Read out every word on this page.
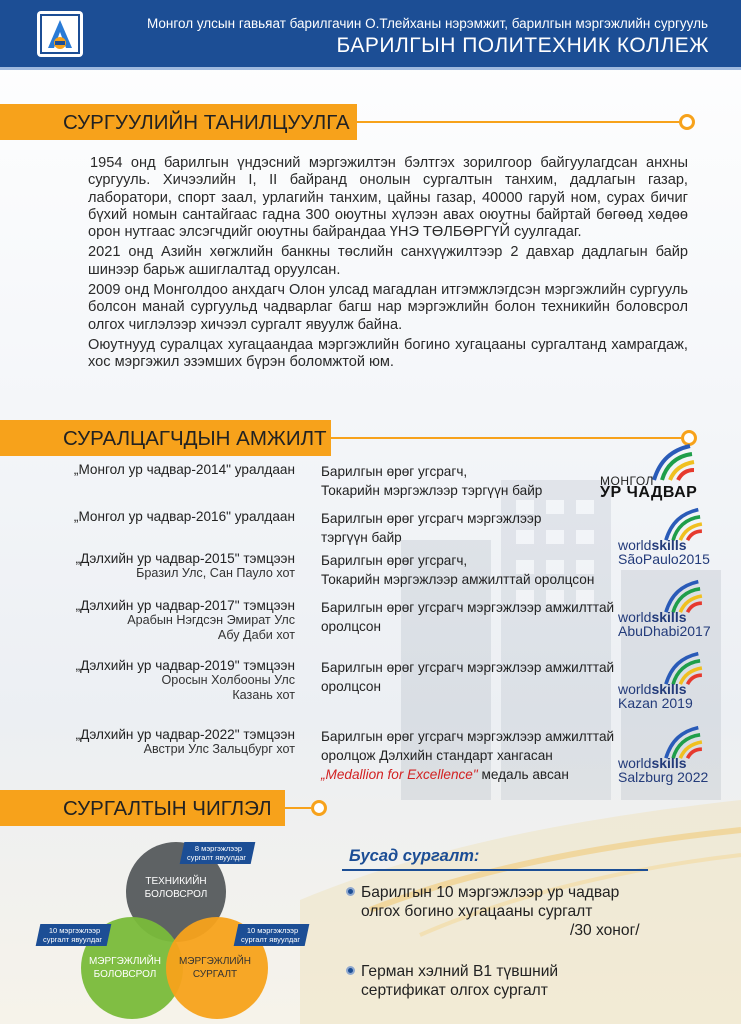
Монгол улсын гавьяат барилгачин О.Тлейханы нэрэмжит, барилгын мэргэжлийн сургууль
БАРИЛГЫН ПОЛИТЕХНИК КОЛЛЕЖ
СУРГУУЛИЙН ТАНИЛЦУУЛГА

1954 онд барилгын үндэсний мэргэжилтэн бэлтгэх зорилгоор байгуулагдсан анхны сургууль. Хичээлийн I, II байранд онолын сургалтын танхим, дадлагын газар, лаборатори, спорт заал, урлагийн танхим, цайны газар, 40000 гаруй ном, сурах бичиг бүхий номын сантайгаас гадна 300 оюутны хүлээн авах оюутны байртай бөгөөд хөдөө орон нутгаас элсэгчдийг оюутны байрандаа ҮНЭ ТӨЛБӨРГҮЙ суулгадаг.

2021 онд Азийн хөгжлийн банкны төслийн санхүүжилтээр 2 давхар дадлагын байр шинээр барьж ашиглалтад оруулсан.

2009 онд Монголдоо анхдагч Олон улсад магадлан итгэмжлэгдсэн мэргэжлийн сургууль болсон манай сургуульд чадварлаг багш нар мэргэжлийн болон техникийн боловсрол олгох чиглэлээр хичээл сургалт явуулж байна.

Оюутнууд суралцах хугацаандаа мэргэжлийн богино хугацааны сургалтанд хамрагдаж, хос мэргэжил эзэмших бүрэн боломжтой юм.

СУРАЛЦАГЧДЫН АМЖИЛТ
„Монгол ур чадвар-2014" уралдаан Барилгын өрөг угсрагч,
Токарийн мэргэжлээр тэргүүн байр
„Монгол ур чадвар-2016" уралдаан Барилгын өрөг угсрагч мэргэжлээр
тэргүүн байр
„Дэлхийн ур чадвар-2015" тэмцээн
Бразил Улс, Сан Пауло хот
Барилгын өрөг угсрагч,
Токарийн мэргэжлээр амжилттай оролцсон
„Дэлхийн ур чадвар-2017" тэмцээн
Арабын Нэгдсэн Эмират Улс
Абу Даби хот
Барилгын өрөг угсрагч мэргэжлээр амжилттай
оролцсон
„Дэлхийн ур чадвар-2019" тэмцээн
Оросын Холбооны Улс
Казань хот
Барилгын өрөг угсрагч мэргэжлээр амжилттай
оролцсон
„Дэлхийн ур чадвар-2022" тэмцээн
Австри Улс Зальцбург хот
Барилгын өрөг угсрагч мэргэжлээр амжилттай
оролцож Дэлхийн стандарт хангасан
„Medallion for Excellence" медаль авсан
МОНГОЛ
УР ЧАДВАР
worldskills
SãoPaulo2015
worldskills
AbuDhabi2017
worldskills
Kazan 2019
worldskills
Salzburg 2022
СУРГАЛТЫН ЧИГЛЭЛ
ТЕХНИКИЙН
БОЛОВСРОЛ
МЭРГЭЖЛИЙН
БОЛОВСРОЛ
МЭРГЭЖЛИЙН
СУРГАЛТ
8 мэргэжлээр
сургалт явуулдаг
10 мэргэжлээр
сургалт явуулдаг
10 мэргэжлээр
сургалт явуулдаг
Бусад сургалт:
Барилгын 10 мэргэжлээр ур чадвар
олгох богино хугацааны сургалт
/30 хоног/
Герман хэлний B1 түвшний
сертификат олгох сургалт
